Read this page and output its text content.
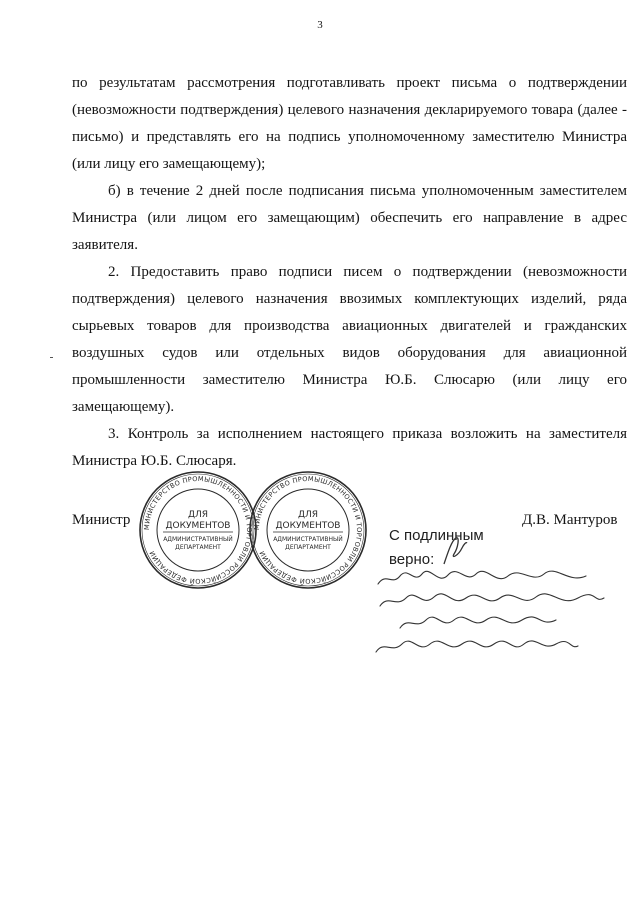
3

по результатам рассмотрения подготавливать проект письма о подтверждении (невозможности подтверждения) целевого назначения декларируемого товара (далее - письмо) и представлять его на подпись уполномоченному заместителю Министра (или лицу его замещающему);

б) в течение 2 дней после подписания письма уполномоченным заместителем Министра (или лицом его замещающим) обеспечить его направление в адрес заявителя.

2. Предоставить право подписи писем о подтверждении (невозможности подтверждения) целевого назначения ввозимых комплектующих изделий, ряда сырьевых товаров для производства авиационных двигателей и гражданских воздушных судов или отдельных видов оборудования для авиационной промышленности заместителю Министра Ю.Б. Слюсарю (или лицу его замещающему).

3. Контроль за исполнением настоящего приказа возложить на заместителя Министра Ю.Б. Слюсаря.

Министр	Д.В. Мантуров
МИНИСТЕРСТВО ПРОМЫШЛЕННОСТИ И ТОРГОВЛИ РОССИЙСКОЙ ФЕДЕРАЦИИ
ДЛЯ
ДОКУМЕНТОВ
АДМИНИСТРАТИВНЫЙ
ДЕПАРТАМЕНТ
МИНИСТЕРСТВО ПРОМЫШЛЕННОСТИ И ТОРГОВЛИ РОССИЙСКОЙ ФЕДЕРАЦИИ
ДЛЯ
ДОКУМЕНТОВ
АДМИНИСТРАТИВНЫЙ
ДЕПАРТАМЕНТ
С подлинным
верно:
